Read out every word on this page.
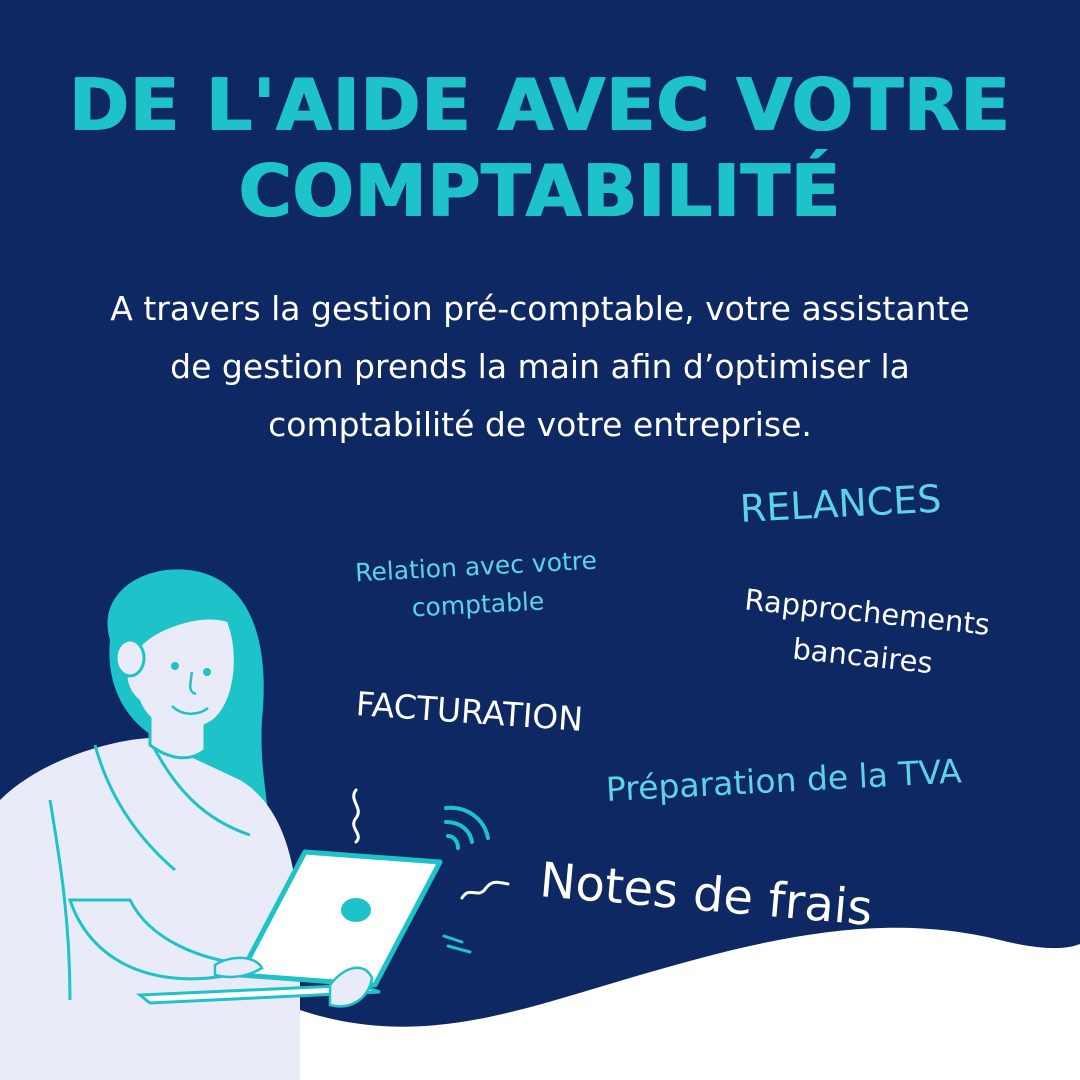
DE L'AIDE AVEC VOTRE
COMPTABILITÉ

A travers la gestion pré-comptable, votre assistante de gestion prends la main afin d’optimiser la comptabilité de votre entreprise.

RELANCES

Relation avec votre comptable	Rapprochements bancaires

FACTURATION

Préparation de la TVA

Notes de frais
